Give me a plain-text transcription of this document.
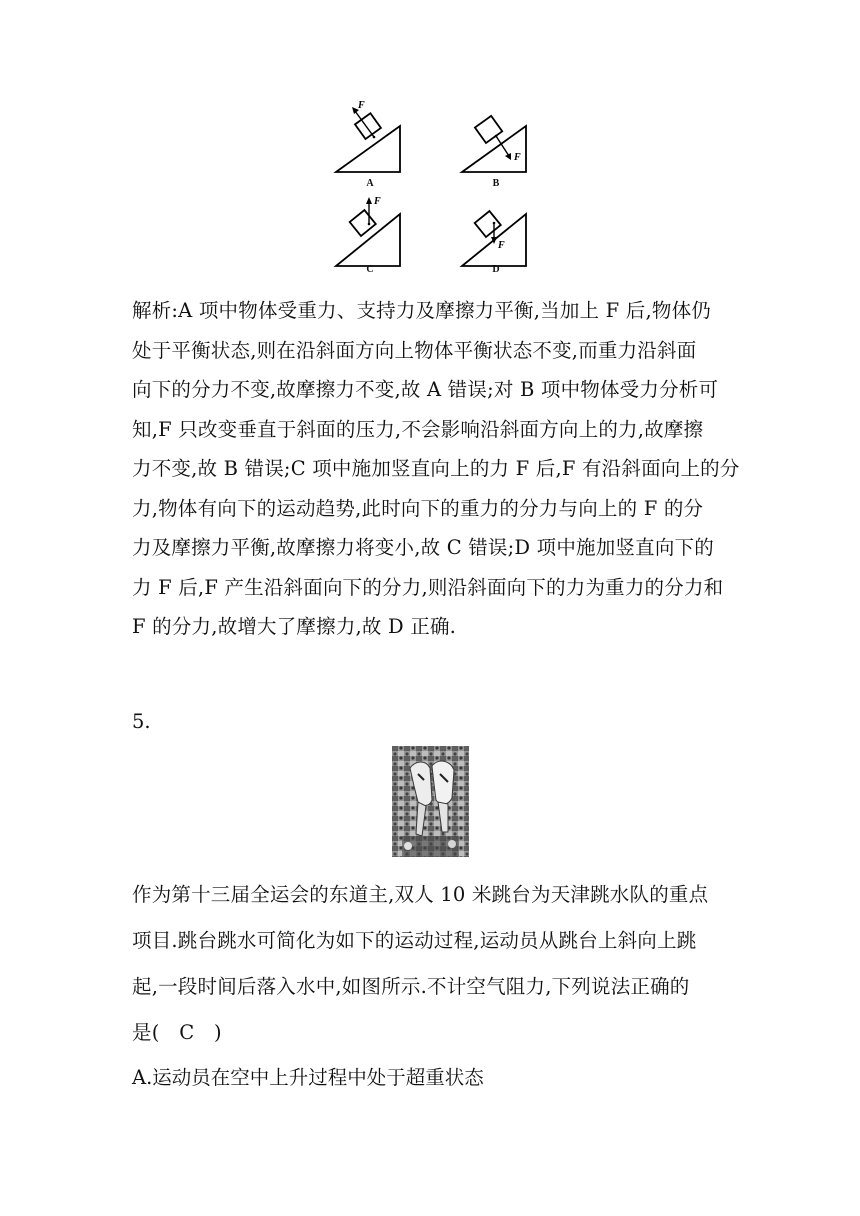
F
A
F
B
F
C
F
D
解析:A 项中物体受重力、支持力及摩擦力平衡,当加上 F 后,物体仍
处于平衡状态,则在沿斜面方向上物体平衡状态不变,而重力沿斜面
向下的分力不变,故摩擦力不变,故 A 错误;对 B 项中物体受力分析可
知,F 只改变垂直于斜面的压力,不会影响沿斜面方向上的力,故摩擦
力不变,故 B 错误;C 项中施加竖直向上的力 F 后,F 有沿斜面向上的分
力,物体有向下的运动趋势,此时向下的重力的分力与向上的 F 的分
力及摩擦力平衡,故摩擦力将变小,故 C 错误;D 项中施加竖直向下的
力 F 后,F 产生沿斜面向下的分力,则沿斜面向下的力为重力的分力和
F 的分力,故增大了摩擦力,故 D 正确.
5.
作为第十三届全运会的东道主,双人 10 米跳台为天津跳水队的重点
项目.跳台跳水可简化为如下的运动过程,运动员从跳台上斜向上跳
起,一段时间后落入水中,如图所示.不计空气阻力,下列说法正确的
是(　C　)
A.运动员在空中上升过程中处于超重状态
